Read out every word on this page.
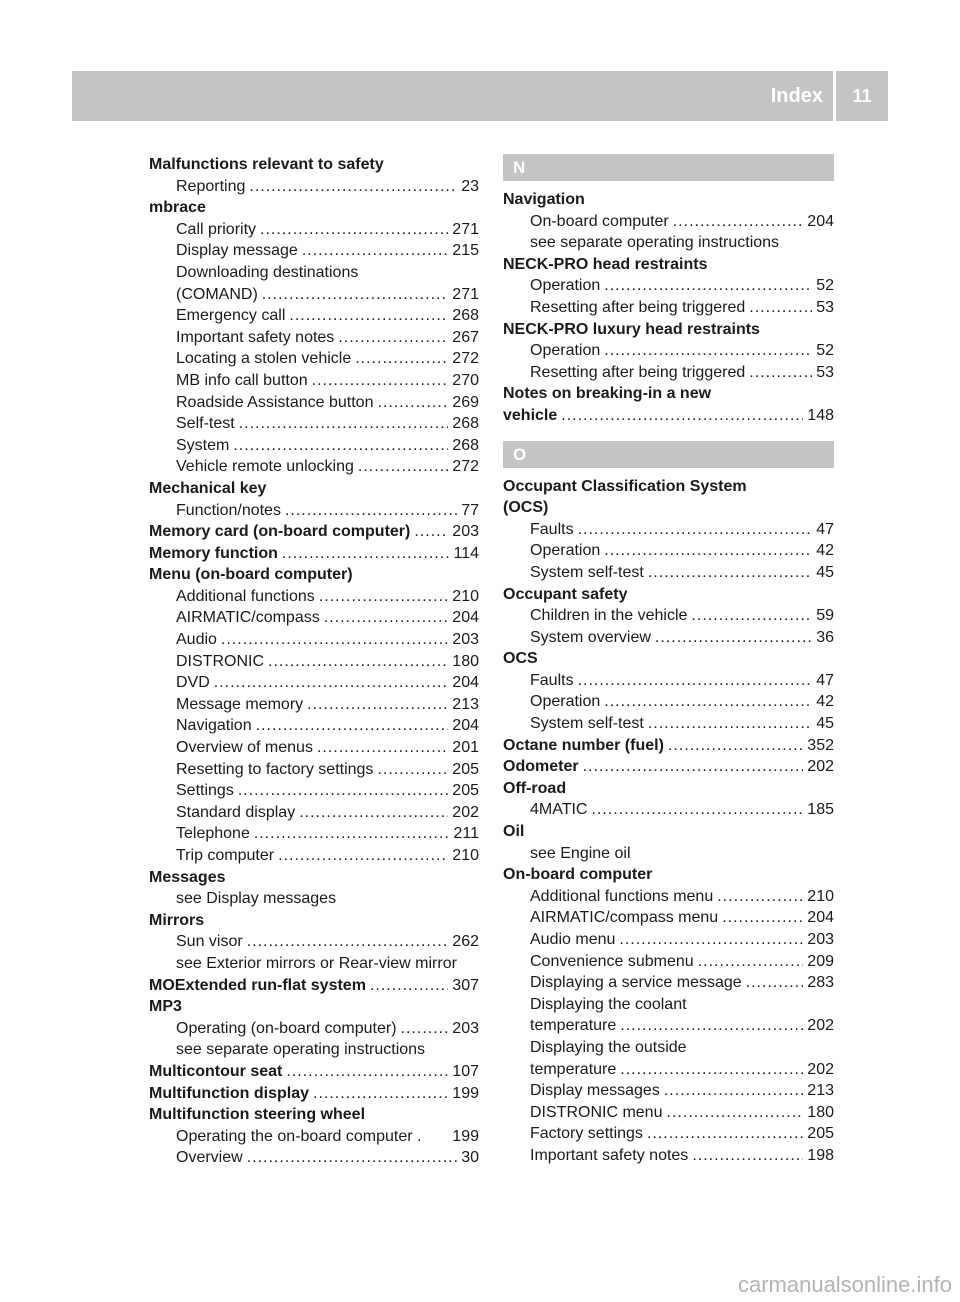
Index	11
Malfunctions relevant to safety
Reporting .....	23
mbrace
Call priority .....	271
Display message .....	215
Downloading destinations
(COMAND) .....	271
Emergency call .....	268
Important safety notes .....	267
Locating a stolen vehicle .....	272
MB info call button .....	270
Roadside Assistance button .....	269
Self-test .....	268
System .....	268
Vehicle remote unlocking .....	272
Mechanical key
Function/notes .....	77
Memory card (on-board computer) .....	203
Memory function .....	114
Menu (on-board computer)
Additional functions .....	210
AIRMATIC/compass .....	204
Audio .....	203
DISTRONIC .....	180
DVD .....	204
Message memory .....	213
Navigation .....	204
Overview of menus .....	201
Resetting to factory settings .....	205
Settings .....	205
Standard display .....	202
Telephone .....	211
Trip computer .....	210
Messages
see Display messages
Mirrors
Sun visor .....	262
see Exterior mirrors or Rear-view mirror
MOExtended run-flat system .....	307
MP3
Operating (on-board computer) .....	203
see separate operating instructions
Multicontour seat .....	107
Multifunction display .....	199
Multifunction steering wheel
Operating the on-board computer . 199
Overview .....	30
N
Navigation
On-board computer .....	204
see separate operating instructions
NECK-PRO head restraints
Operation .....	52
Resetting after being triggered .....	53
NECK-PRO luxury head restraints
Operation .....	52
Resetting after being triggered .....	53
Notes on breaking-in a new
vehicle .....	148
O
Occupant Classification System
(OCS)
Faults .....	47
Operation .....	42
System self-test .....	45
Occupant safety
Children in the vehicle .....	59
System overview .....	36
OCS
Faults .....	47
Operation .....	42
System self-test .....	45
Octane number (fuel) .....	352
Odometer .....	202
Off-road
4MATIC .....	185
Oil
see Engine oil
On-board computer
Additional functions menu .....	210
AIRMATIC/compass menu .....	204
Audio menu .....	203
Convenience submenu .....	209
Displaying a service message .....	283
Displaying the coolant
temperature .....	202
Displaying the outside
temperature .....	202
Display messages .....	213
DISTRONIC menu .....	180
Factory settings .....	205
Important safety notes .....	198
carmanualsonline.info
